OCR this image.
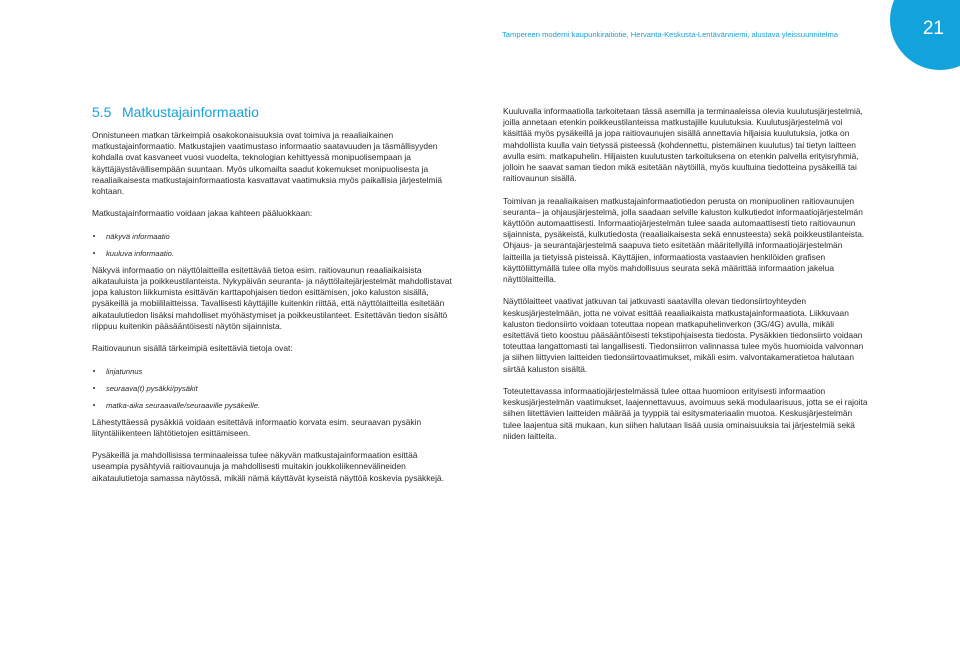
Tampereen moderni kaupunkiraitiotie, Hervanta-Keskusta-Lentävänniemi, alustava yleissuunnitelma	21
5.5 Matkustajainformaatio

Onnistuneen matkan tärkeimpiä osakokonaisuuksia ovat toimiva ja reaaliaikainen matkustajainformaatio. Matkustajien vaatimustaso informaatio saatavuuden ja täsmällisyyden kohdalla ovat kasvaneet vuosi vuodelta, teknologian kehittyessä monipuolisempaan ja käyttäjäystävällisempään suuntaan. Myös ulkomailta saadut kokemukset monipuolisesta ja reaaliaikaisesta matkustajainformaatiosta kasvattavat vaatimuksia myös paikallisia järjestelmiä kohtaan.

Matkustajainformaatio voidaan jakaa kahteen pääluokkaan:

näkyvä informaatio
kuuluva informaatio.

Näkyvä informaatio on näyttölaitteilla esitettävää tietoa esim. raitiovaunun reaaliaikaisista aikatauluista ja poikkeustilanteista. Nykypäivän seuranta- ja näyttölaitejärjestelmät mahdollistavat jopa kaluston liikkumista esittävän karttapohjaisen tiedon esittämisen, joko kaluston sisällä, pysäkeillä ja mobiililaitteissa. Tavallisesti käyttäjille kuitenkin riittää, että näyttölaitteilla esitetään aikataulutiedon lisäksi mahdolliset myöhästymiset ja poikkeustilanteet. Esitettävän tiedon sisältö riippuu kuitenkin pääsääntöisesti näytön sijainnista.

Raitiovaunun sisällä tärkeimpiä esitettäviä tietoja ovat:

linjatunnus
seuraava(t) pysäkki/pysäkit
matka-aika seuraavalle/seuraaville pysäkeille.

Lähestyttäessä pysäkkiä voidaan esitettävä informaatio korvata esim. seuraavan pysäkin liityntäliikenteen lähtötietojen esittämiseen.

Pysäkeillä ja mahdollisissa terminaaleissa tulee näkyvän matkustajainformaation esittää useampia pysähtyviä raitiovaunuja ja mahdollisesti muitakin joukkoliikennevälineiden aikataulutietoja samassa näytössä, mikäli nämä käyttävät kyseistä näyttöä koskevia pysäkkejä.

Kuuluvalla informaatiolla tarkoitetaan tässä asemilla ja terminaaleissa olevia kuulutusjärjestelmiä, joilla annetaan etenkin poikkeustilanteissa matkustajille kuulutuksia. Kuulutusjärjestelmä voi käsittää myös pysäkeillä ja jopa raitiovaunujen sisällä annettavia hiljaisia kuulutuksia, jotka on mahdollista kuulla vain tietyssä pisteessä (kohdennettu, pistemäinen kuulutus) tai tietyn laitteen avulla esim. matkapuhelin. Hiljaisten kuulutusten tarkoituksena on etenkin palvella erityisryhmiä, jolloin he saavat saman tiedon mikä esitetään näytöillä, myös kuultuina tiedotteina pysäkeillä tai raitiovaunun sisällä.

Toimivan ja reaaliaikaisen matkustajainformaatiotiedon perusta on monipuolinen raitiovaunujen seuranta– ja ohjausjärjestelmä, jolla saadaan selville kaluston kulkutiedot informaatiojärjestelmän käyttöön automaattisesti. Informaatiojärjestelmän tulee saada automaattisesti tieto raitiovaunun sijainnista, pysäkeistä, kulkutiedosta (reaaliaikaisesta sekä ennusteesta) sekä poikkeustilanteista. Ohjaus- ja seurantajärjestelmä saapuva tieto esitetään määritellyillä informaatiojärjestelmän laitteilla ja tietyissä pisteissä. Käyttäjien, informaatiosta vastaavien henkilöiden grafisen käyttöliittymällä tulee olla myös mahdollisuus seurata sekä määrittää informaation jakelua näyttölaitteilla.

Näyttölaitteet vaativat jatkuvan tai jatkuvasti saatavilla olevan tiedonsiirtoyhteyden keskusjärjestelmään, jotta ne voivat esittää reaaliaikaista matkustajainformaatiota. Liikkuvaan kaluston tiedonsiirto voidaan toteuttaa nopean matkapuhelinverkon (3G/4G) avulla, mikäli esitettävä tieto koostuu pääsääntöisesti tekstipohjaisesta tiedosta. Pysäkkien tiedonsiirto voidaan toteuttaa langattomasti tai langallisesti. Tiedonsiirron valinnassa tulee myös huomioida valvonnan ja siihen liittyvien laitteiden tiedonsiirtovaatimukset, mikäli esim. valvontakameratietoa halutaan siirtää kaluston sisältä.

Toteutettavassa informaatiojärjestelmässä tulee ottaa huomioon erityisesti informaation keskusjärjestelmän vaatimukset, laajennettavuus, avoimuus sekä modulaarisuus, jotta se ei rajoita siihen liitettävien laitteiden määrää ja tyyppiä tai esitysmateriaalin muotoa. Keskusjärjestelmän tulee laajentua sitä mukaan, kun siihen halutaan lisää uusia ominaisuuksia tai järjestelmiä sekä niiden laitteita.
